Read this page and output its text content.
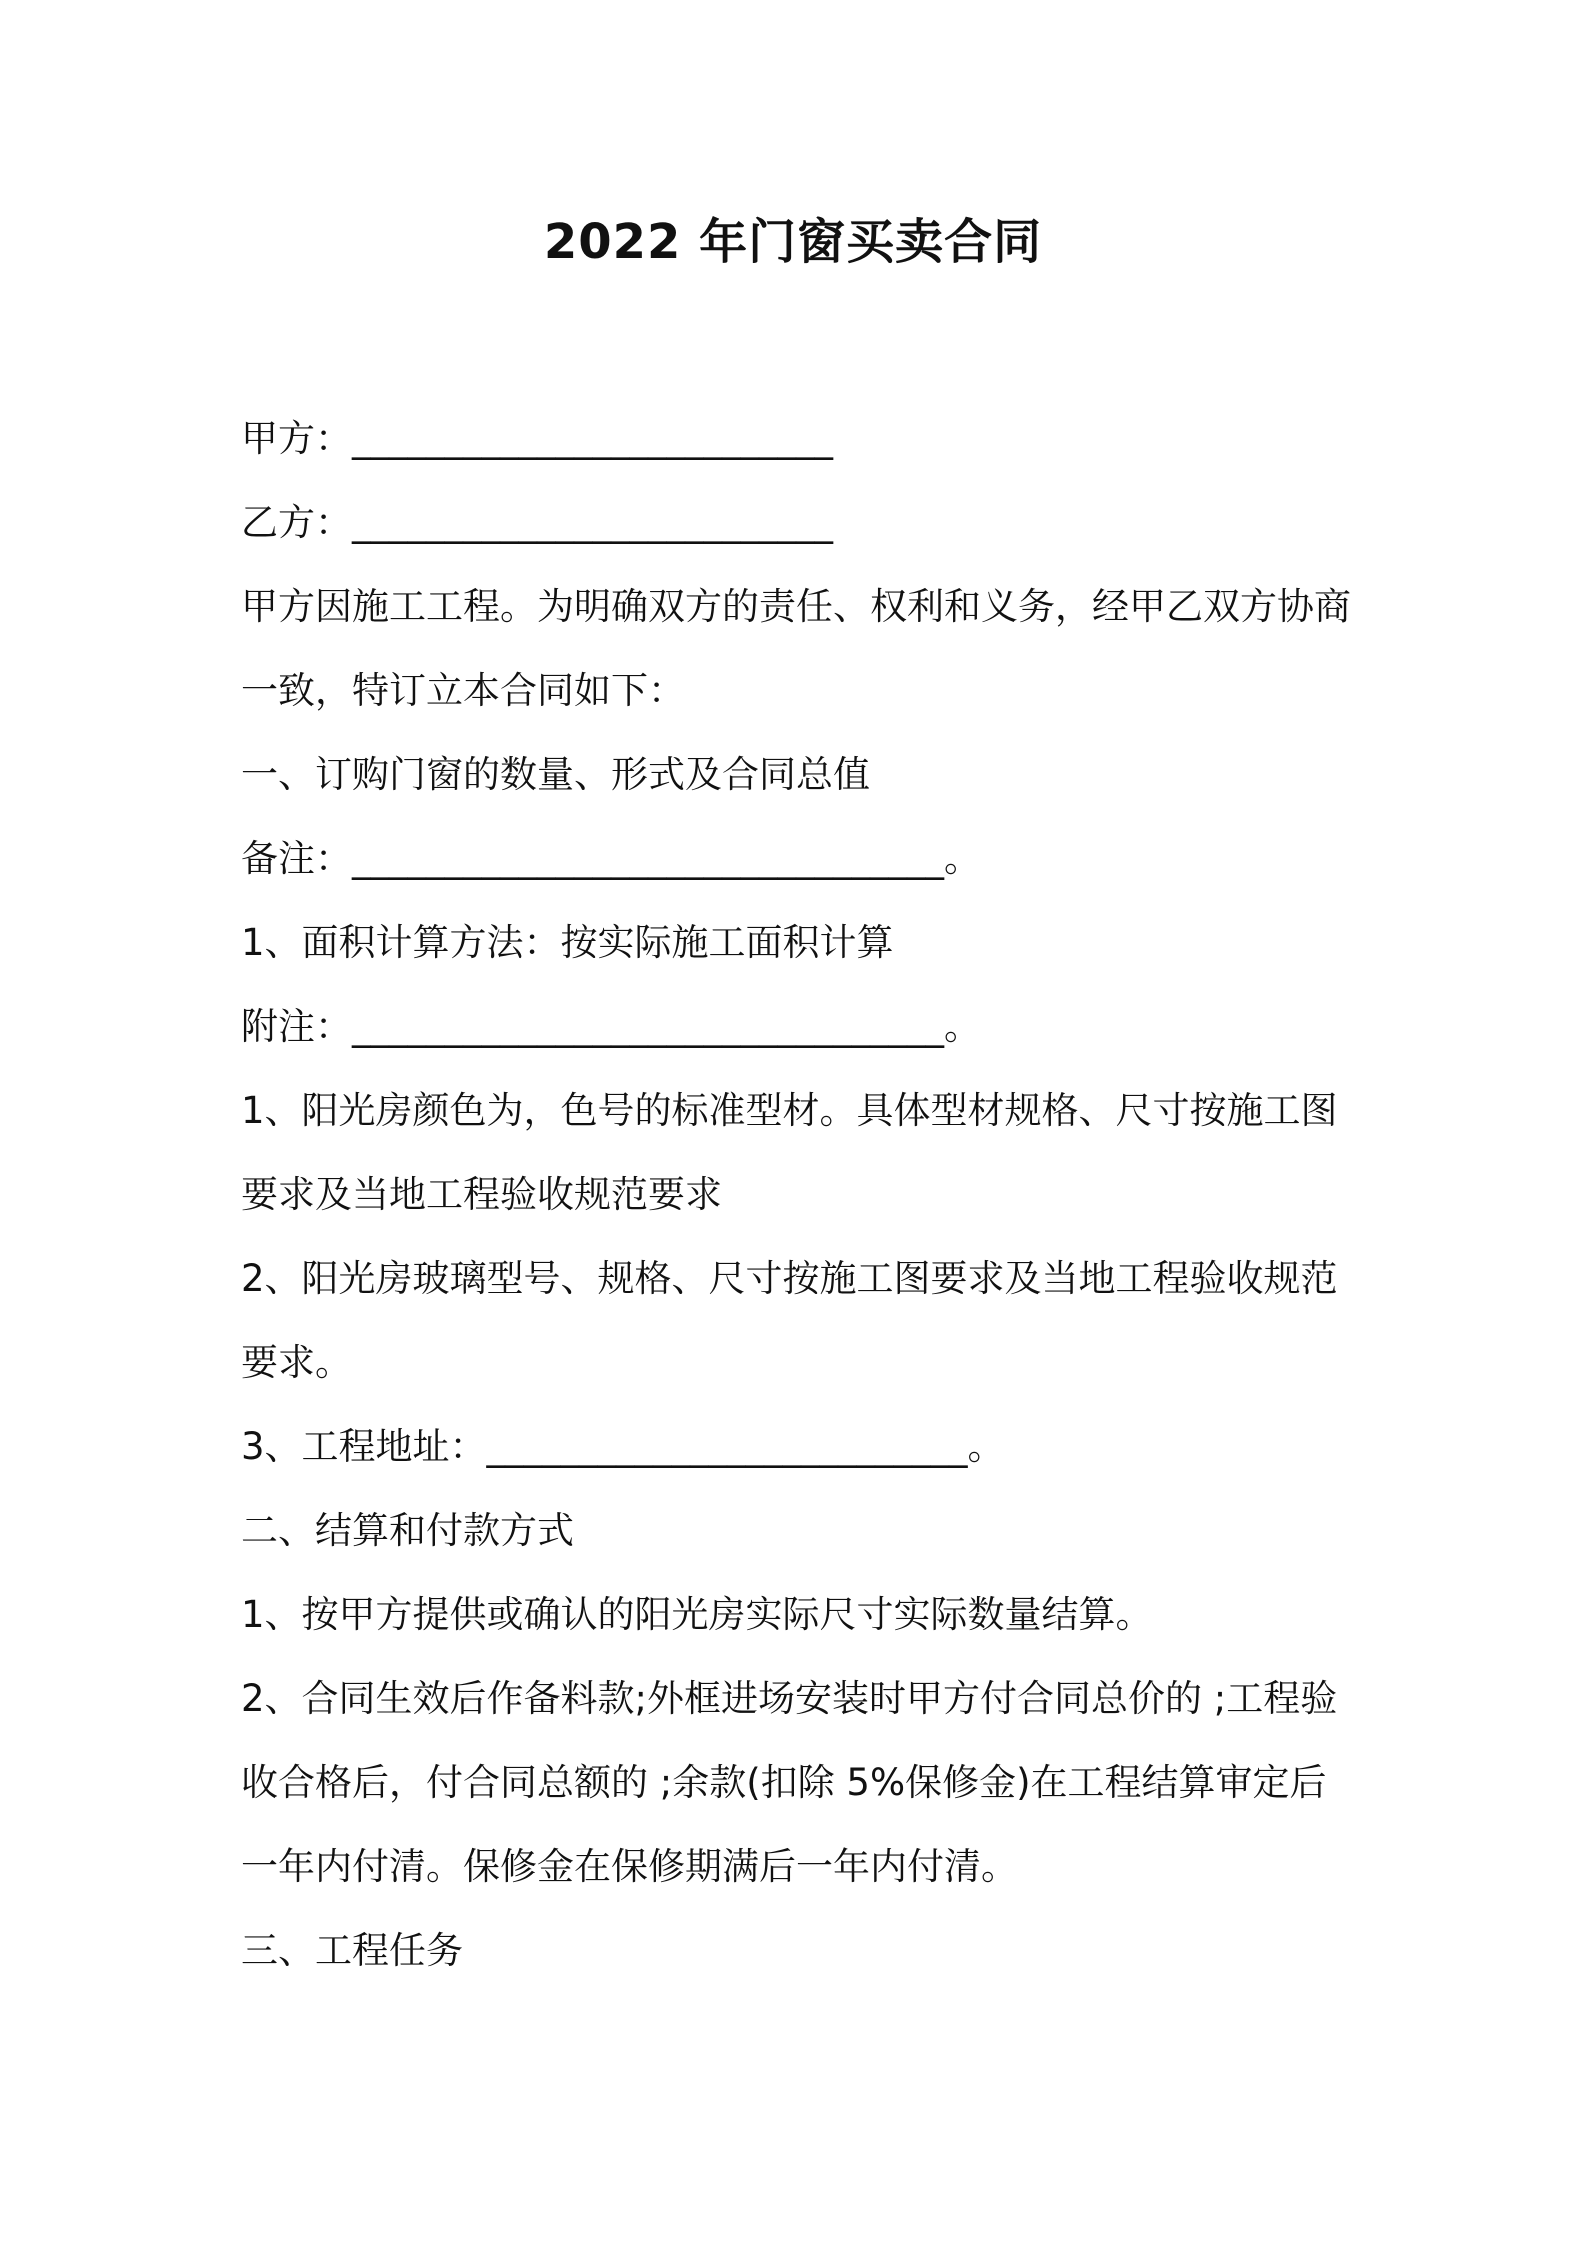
2022 年门窗买卖合同
甲方：__________________________
乙方：__________________________
甲方因施工工程。为明确双方的责任、权利和义务，经甲乙双方协商
一致，特订立本合同如下：
一、订购门窗的数量、形式及合同总值
备注：________________________________。
1、面积计算方法：按实际施工面积计算
附注：________________________________。
1、阳光房颜色为，色号的标准型材。具体型材规格、尺寸按施工图
要求及当地工程验收规范要求
2、阳光房玻璃型号、规格、尺寸按施工图要求及当地工程验收规范
要求。
3、工程地址：__________________________。
二、结算和付款方式
1、按甲方提供或确认的阳光房实际尺寸实际数量结算。
2、合同生效后作备料款;外框进场安装时甲方付合同总价的 ;工程验
收合格后，付合同总额的 ;余款(扣除 5%保修金)在工程结算审定后
一年内付清。保修金在保修期满后一年内付清。
三、工程任务
